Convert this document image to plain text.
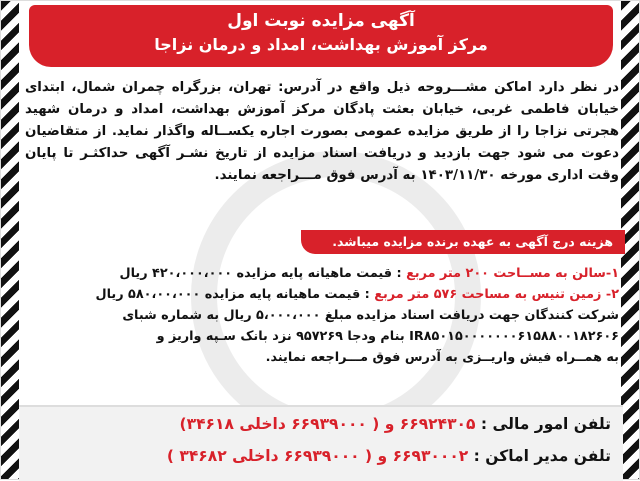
آگهی مزایده نوبت اول
مرکز آموزش بهداشت، امداد و درمان نزاجا

در نظر دارد اماکن مشـــروحه ذیل واقع در آدرس: تهران، بزرگراه چمران شمال، ابتدای خیابان فاطمی غربی، خیابان بعثت پادگان مرکز آموزش بهداشت، امداد و درمان شهید هجرتی نزاجا را از طریق مزایده عمومی بصورت اجاره یکســاله واگذار نماید. از متقاضیان دعوت می شود جهت بازدید و دریافت اسناد مزایده از تاریخ نشـر آگهی حداکثـر تا پایان وقت اداری مورخه ۱۴۰۳/۱۱/۳۰ به آدرس فوق مـــراجعه نمایند.

هزینه درج آگهی به عهده برنده مزایده میباشد.
۱-سالن به مســاحت ۲۰۰ متر مربع : قیمت ماهیانه پایه مزایده ۴۲۰،۰۰۰،۰۰۰ ریال
۲- زمین تنیس به مساحت ۵۷۶ متر مربع : قیمت ماهیانه پایه مزایده ۵۸۰،۰۰،۰۰۰ ریال
شرکت کنندگان جهت دریافت اسناد مزایده مبلغ ۵،۰۰۰،۰۰۰ ریال به شماره شبای
IR۸۵۰۱۵۰۰۰۰۰۰۰۶۱۵۸۸۰۰۱۸۲۶۰۶ بنام ودجا ۹۵۷۲۶۹ نزد بانک سـپه واریز و
به همــراه فیش واریــزی به آدرس فوق مـــراجعه نمایند.
تلفن امور مالی : ۶۶۹۲۴۳۰۵ و ( ۶۶۹۳۹۰۰۰ داخلی ۳۴۶۱۸)
تلفن مدیر اماکن : ۶۶۹۳۰۰۰۲ و ( ۶۶۹۳۹۰۰۰ داخلی ۳۴۶۸۲ )
